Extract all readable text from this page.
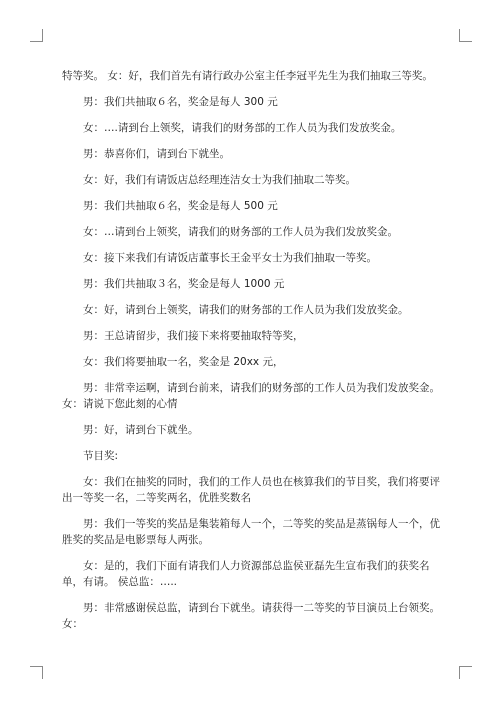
特等奖。 女：好，我们首先有请行政办公室主任李冠平先生为我们抽取三等奖。

男：我们共抽取６名，奖金是每人 300 元

女：….请到台上领奖，请我们的财务部的工作人员为我们发放奖金。

男：恭喜你们，请到台下就坐。

女：好，我们有请饭店总经理连洁女士为我们抽取二等奖。

男：我们共抽取６名，奖金是每人 500 元

女：…请到台上领奖，请我们的财务部的工作人员为我们发放奖金。

女：接下来我们有请饭店董事长王金平女士为我们抽取一等奖。

男：我们共抽取３名，奖金是每人 1000 元

女：好，请到台上领奖，请我们的财务部的工作人员为我们发放奖金。

男：王总请留步，我们接下来将要抽取特等奖，

女：我们将要抽取一名，奖金是 20xx 元，

男：非常幸运啊，请到台前来，请我们的财务部的工作人员为我们发放奖金。 女：请说下您此刻的心情

男：好，请到台下就坐。

节目奖:

女：我们在抽奖的同时，我们的工作人员也在核算我们的节目奖，我们将要评出一等奖一名，二等奖两名，优胜奖数名

男：我们一等奖的奖品是集装箱每人一个，二等奖的奖品是蒸锅每人一个，优胜奖的奖品是电影票每人两张。

女：是的，我们下面有请我们人力资源部总监侯亚磊先生宣布我们的获奖名单，有请。 侯总监：…..

男：非常感谢侯总监，请到台下就坐。请获得一二等奖的节目演员上台领奖。 女：
